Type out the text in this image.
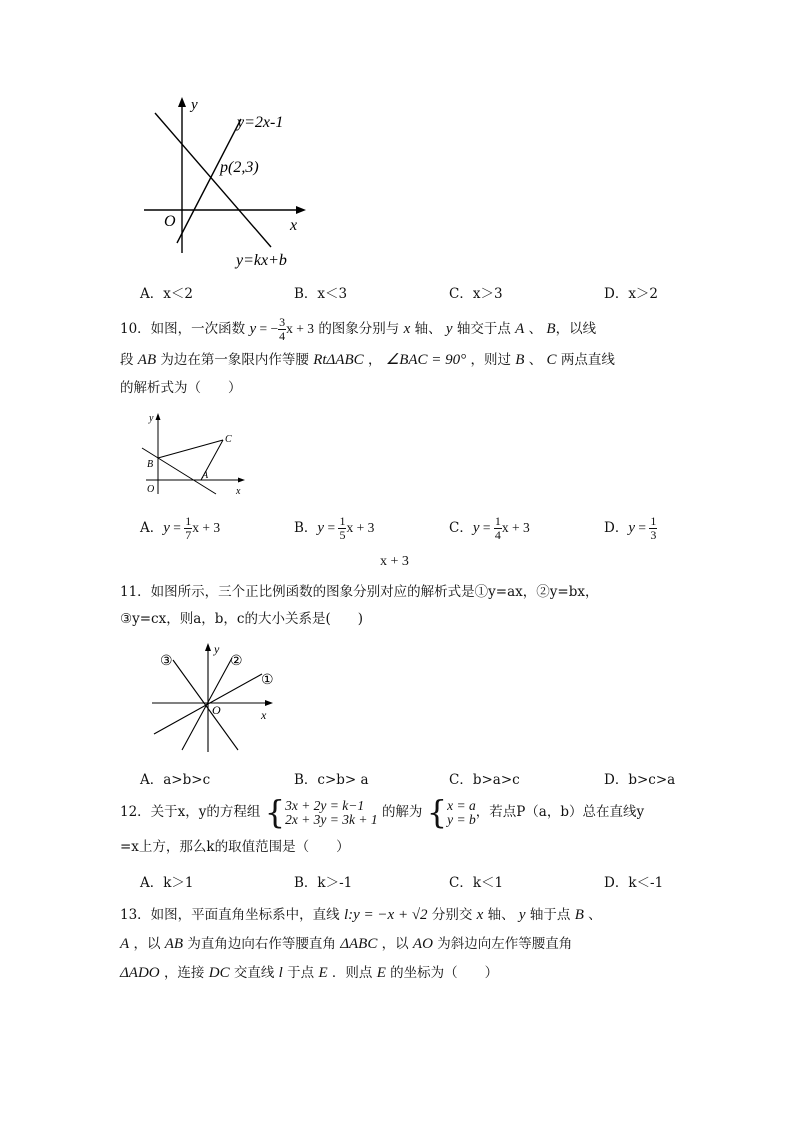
y
y=2x-1
p(2,3)
O	x
y=kx+b
A．x＜2	B．x＜3	C．x＞3	D．x＞2
10．如图，一次函数 y = − $\frac{3}{4}$ x + 3 的图象分别与 x 轴、 y 轴交于点 A 、 B，以线
段 AB 为边在第一象限内作等腰 RtΔABC ， ∠BAC = 90° ，则过 B 、 C 两点直线
的解析式为（　　）
y
C
B
A
O	x
A．$y = \frac{1}{7}$ x + 3	B．$y = \frac{1}{5}$ x + 3	C．$y = \frac{1}{4}$ x + 3	D．$y = \frac{1}{3}$
x + 3
11．如图所示，三个正比例函数的图象分别对应的解析式是①y=ax，②y=bx，
③y=cx，则a，b，c的大小关系是(　　)
③
y
②
①
O	x
A．a>b>c	B．c>b> a	C．b>a>c	D．b>c>a
12．关于x，y的方程组 { 3x + 2y = k−1
2x + 3y = 3k + 1 的解为 { x = a
y = b ，若点P（a，b）总在直线y
=x上方，那么k的取值范围是（　　）
A．k＞1	B．k＞-1	C．k＜1	D．k＜-1
13．如图，平面直角坐标系中，直线 l:y = −x + √2 分别交 x 轴、 y 轴于点 B 、
A ，以 AB 为直角边向右作等腰直角 ΔABC ，以 AO 为斜边向左作等腰直角
ΔADO ，连接 DC 交直线 l 于点 E ．则点 E 的坐标为（　　）
